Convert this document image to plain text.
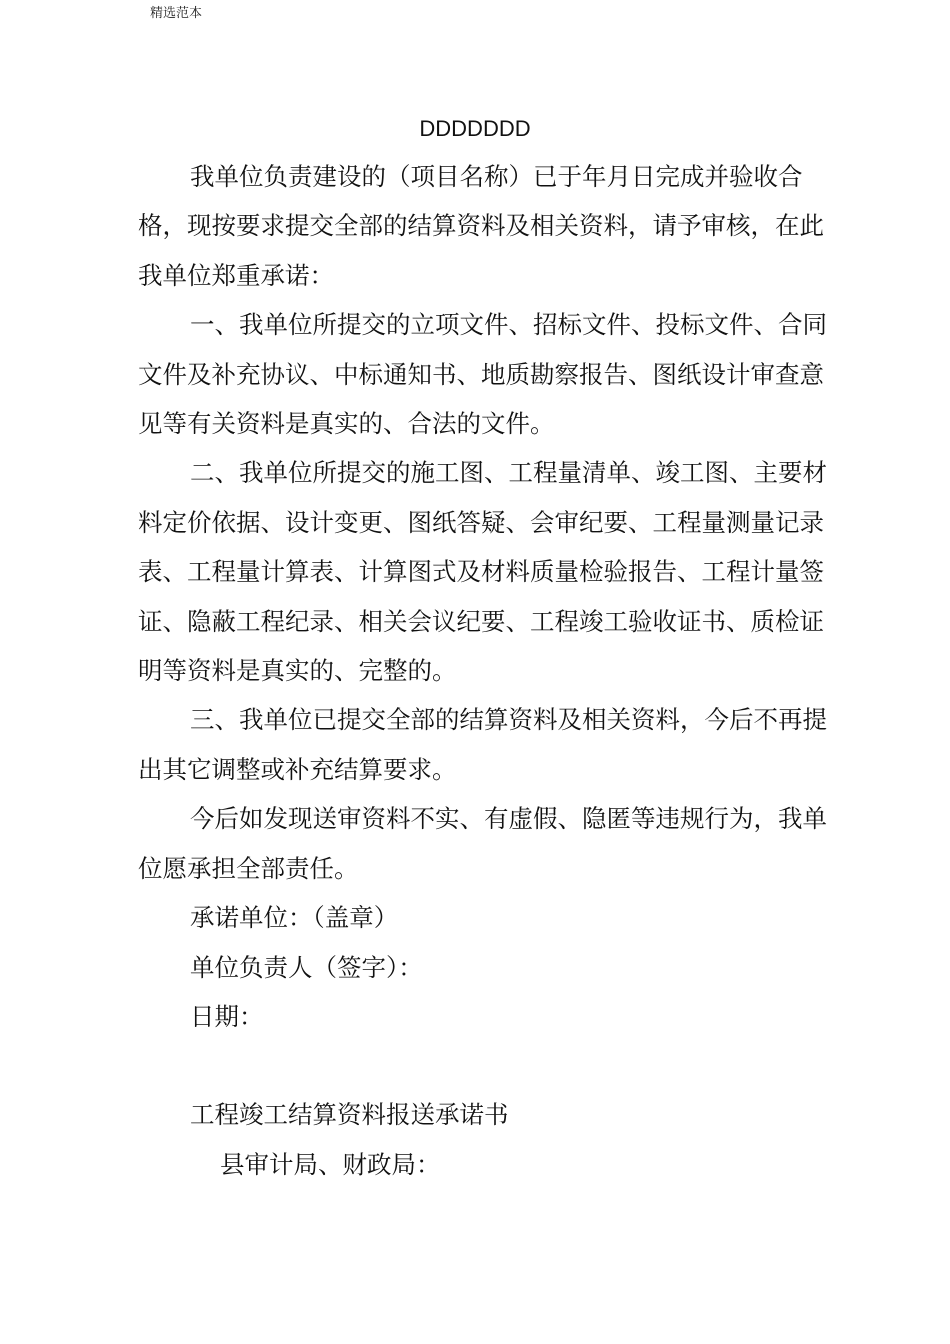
精选范本
DDDDDDD

我单位负责建设的（项目名称）已于年月日完成并验收合格，现按要求提交全部的结算资料及相关资料，请予审核，在此我单位郑重承诺：

一、我单位所提交的立项文件、招标文件、投标文件、合同文件及补充协议、中标通知书、地质勘察报告、图纸设计审查意见等有关资料是真实的、合法的文件。

二、我单位所提交的施工图、工程量清单、竣工图、主要材料定价依据、设计变更、图纸答疑、会审纪要、工程量测量记录表、工程量计算表、计算图式及材料质量检验报告、工程计量签证、隐蔽工程纪录、相关会议纪要、工程竣工验收证书、质检证明等资料是真实的、完整的。

三、我单位已提交全部的结算资料及相关资料，今后不再提出其它调整或补充结算要求。

今后如发现送审资料不实、有虚假、隐匿等违规行为，我单位愿承担全部责任。

承诺单位：（盖章）

单位负责人（签字）：

日期：

工程竣工结算资料报送承诺书

县审计局、财政局：
